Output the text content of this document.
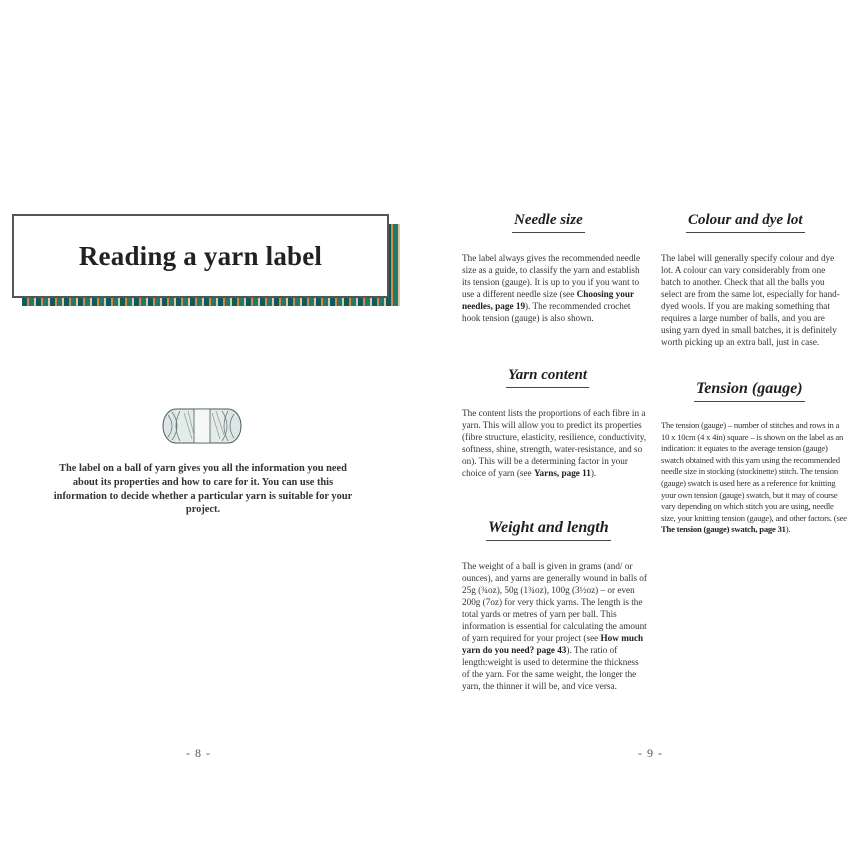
Reading a yarn label
The label on a ball of yarn gives you all the information you need about its properties and how to care for it. You can use this information to decide whether a particular yarn is suitable for your project.
- 8 -
Needle size
The label always gives the recommended needle size as a guide, to classify the yarn and establish its tension (gauge). It is up to you if you want to use a different needle size (see Choosing your needles, page 19). The recommended crochet hook tension (gauge) is also shown.
Yarn content
The content lists the proportions of each fibre in a yarn. This will allow you to predict its properties (fibre structure, elasticity, resilience, conductivity, softness, shine, strength, water-resistance, and so on). This will be a determining factor in your choice of yarn (see Yarns, page 11).
Weight and length
The weight of a ball is given in grams (and/ or ounces), and yarns are generally wound in balls of 25g (¾oz), 50g (1¾oz), 100g (3½oz) – or even 200g (7oz) for very thick yarns. The length is the total yards or metres of yarn per ball. This information is essential for calculating the amount of yarn required for your project (see How much yarn do you need? page 43). The ratio of length:weight is used to determine the thickness of the yarn. For the same weight, the longer the yarn, the thinner it will be, and vice versa.
Colour and dye lot
The label will generally specify colour and dye lot. A colour can vary considerably from one batch to another. Check that all the balls you select are from the same lot, especially for hand-dyed wools. If you are making something that requires a large number of balls, and you are using yarn dyed in small batches, it is definitely worth picking up an extra ball, just in case.
Tension (gauge)
The tension (gauge) – number of stitches and rows in a 10 x 10cm (4 x 4in) square – is shown on the label as an indication: it equates to the average tension (gauge) swatch obtained with this yarn using the recommended needle size in stocking (stockinette) stitch. The tension (gauge) swatch is used here as a reference for knitting your own tension (gauge) swatch, but it may of course vary depending on which stitch you are using, needle size, your knitting tension (gauge), and other factors. (see The tension (gauge) swatch, page 31).
- 9 -
